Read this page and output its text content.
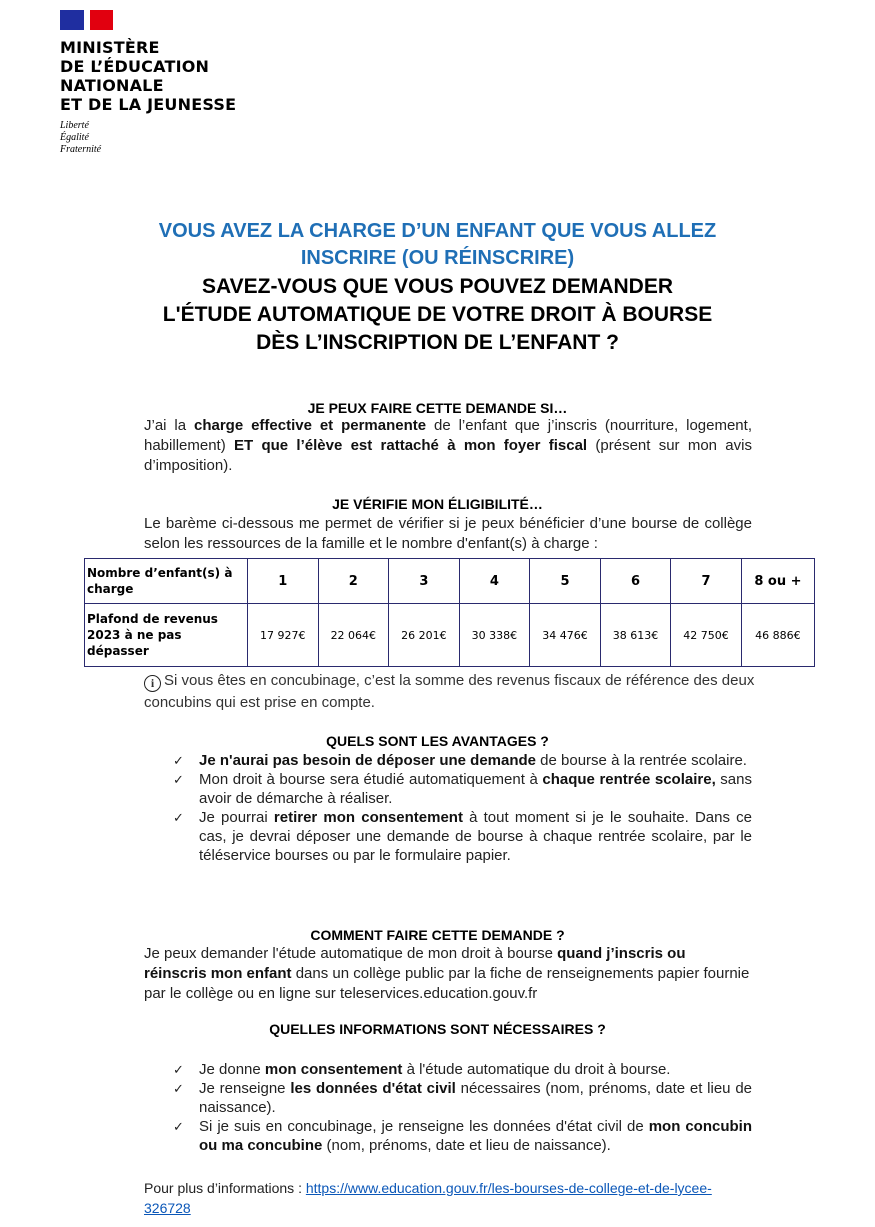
MINISTÈRE
DE L’ÉDUCATION
NATIONALE
ET DE LA JEUNESSE
Liberté
Égalité
Fraternité
VOUS AVEZ LA CHARGE D’UN ENFANT QUE VOUS ALLEZ
INSCRIRE (OU RÉINSCRIRE)
SAVEZ-VOUS QUE VOUS POUVEZ DEMANDER
L'ÉTUDE AUTOMATIQUE DE VOTRE DROIT À BOURSE
DÈS L’INSCRIPTION DE L’ENFANT ?
JE PEUX FAIRE CETTE DEMANDE SI…
J’ai la charge effective et permanente de l’enfant que j’inscris (nourriture, logement, habillement) ET que l’élève est rattaché à mon foyer fiscal (présent sur mon avis d’imposition).
JE VÉRIFIE MON ÉLIGIBILITÉ…
Le barème ci-dessous me permet de vérifier si je peux bénéficier d’une bourse de collège selon les ressources de la famille et le nombre d'enfant(s) à charge :
Nombre d’enfant(s) à charge	1	2	3	4	5	6	7	8 ou +
Plafond de revenus 2023 à ne pas dépasser	17 927€	22 064€	26 201€	30 338€	34 476€	38 613€	42 750€	46 886€
i Si vous êtes en concubinage, c’est la somme des revenus fiscaux de référence des deux concubins qui est prise en compte.
QUELS SONT LES AVANTAGES ?
✓ Je n'aurai pas besoin de déposer une demande de bourse à la rentrée scolaire.
✓ Mon droit à bourse sera étudié automatiquement à chaque rentrée scolaire, sans avoir de démarche à réaliser.
✓ Je pourrai retirer mon consentement à tout moment si je le souhaite. Dans ce cas, je devrai déposer une demande de bourse à chaque rentrée scolaire, par le téléservice bourses ou par le formulaire papier.
COMMENT FAIRE CETTE DEMANDE ?
Je peux demander l'étude automatique de mon droit à bourse quand j’inscris ou réinscris mon enfant dans un collège public par la fiche de renseignements papier fournie par le collège ou en ligne sur teleservices.education.gouv.fr
QUELLES INFORMATIONS SONT NÉCESSAIRES ?
✓ Je donne mon consentement à l'étude automatique du droit à bourse.
✓ Je renseigne les données d'état civil nécessaires (nom, prénoms, date et lieu de naissance).
✓ Si je suis en concubinage, je renseigne les données d'état civil de mon concubin ou ma concubine (nom, prénoms, date et lieu de naissance).
Pour plus d’informations : https://www.education.gouv.fr/les-bourses-de-college-et-de-lycee-326728
